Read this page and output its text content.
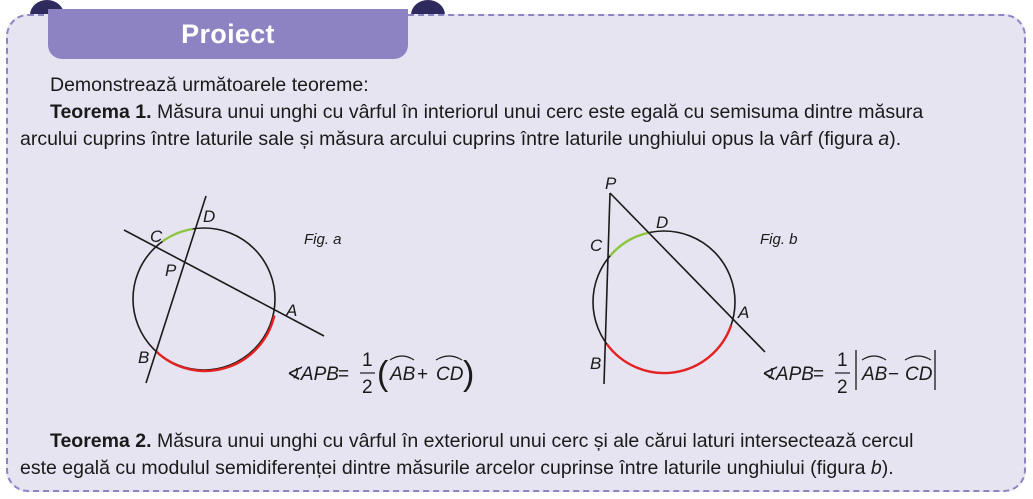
Proiect
Demonstrează următoarele teoreme:
Teorema 1. Măsura unui unghi cu vârful în interiorul unui cerc este egală cu semisuma dintre măsura
arcului cuprins între laturile sale și măsura arcului cuprins între laturile unghiului opus la vârf (figura a).
Teorema 2. Măsura unui unghi cu vârful în exteriorul unui cerc și ale cărui laturi intersectează cercul
este egală cu modulul semidiferenței dintre măsurile arcelor cuprinse între laturile unghiului (figura b).
C
D
P
A
B
Fig. a
∢APB =
1
2 ( AB + CD )
P
D
C
A
B
Fig. b
∢APB =
1
2
AB − CD
